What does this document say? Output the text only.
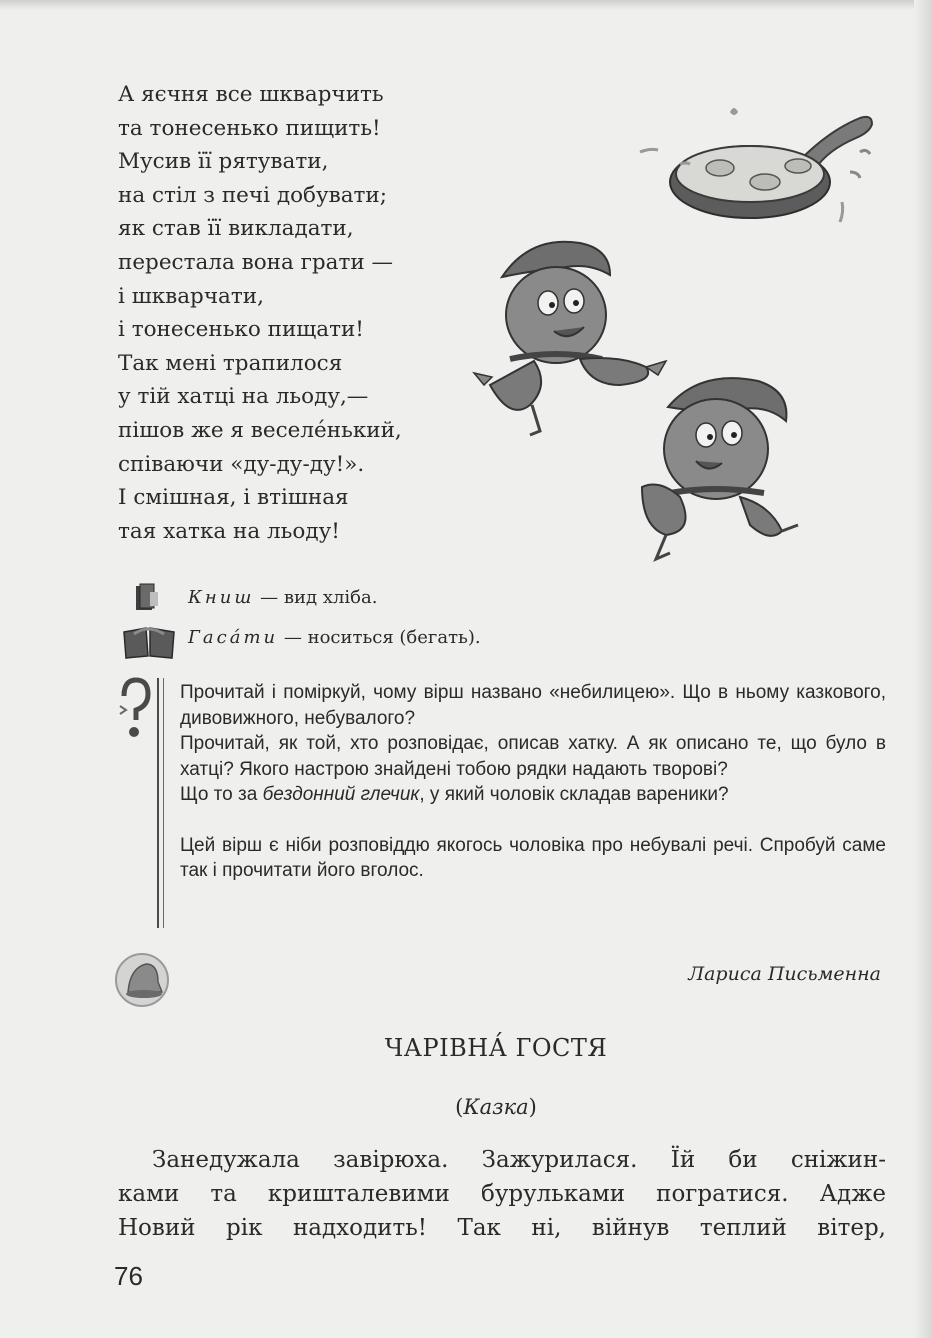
А яєчня все шкварчить
та тонесенько пищить!
Мусив її рятувати,
на стіл з печі добувати;
як став її викладати,
перестала вона грати —
і шкварчати,
і тонесенько пищати!
Так мені трапилося
у тій хатці на льоду,—
пішов же я веселе́нький,
співаючи «ду-ду-ду!».
І смішная, і втішная
тая хатка на льоду!
Книш — вид хліба.
Гаса́ти — носиться (бегать).

Прочитай і поміркуй, чому вірш названо «небилицею». Що в ньому казкового, дивовижного, небувалого?

Прочитай, як той, хто розповідає, описав хатку. А як описано те, що було в хатці? Якого настрою знайдені тобою рядки надають творові?

Що то за бездонний глечик, у який чоловік складав вареники?

Цей вірш є ніби розповіддю якогось чоловіка про небувалі речі. Спробуй саме так і прочитати його вголос.

Лариса Письменна
ЧАРІВНА́ ГОСТЯ
(Казка)
Занедужала завірюха. Зажурилася. Їй би сніжин-
ками та кришталевими бурульками погратися. Адже
Новий рік надходить! Так ні, війнув теплий вітер,
76
